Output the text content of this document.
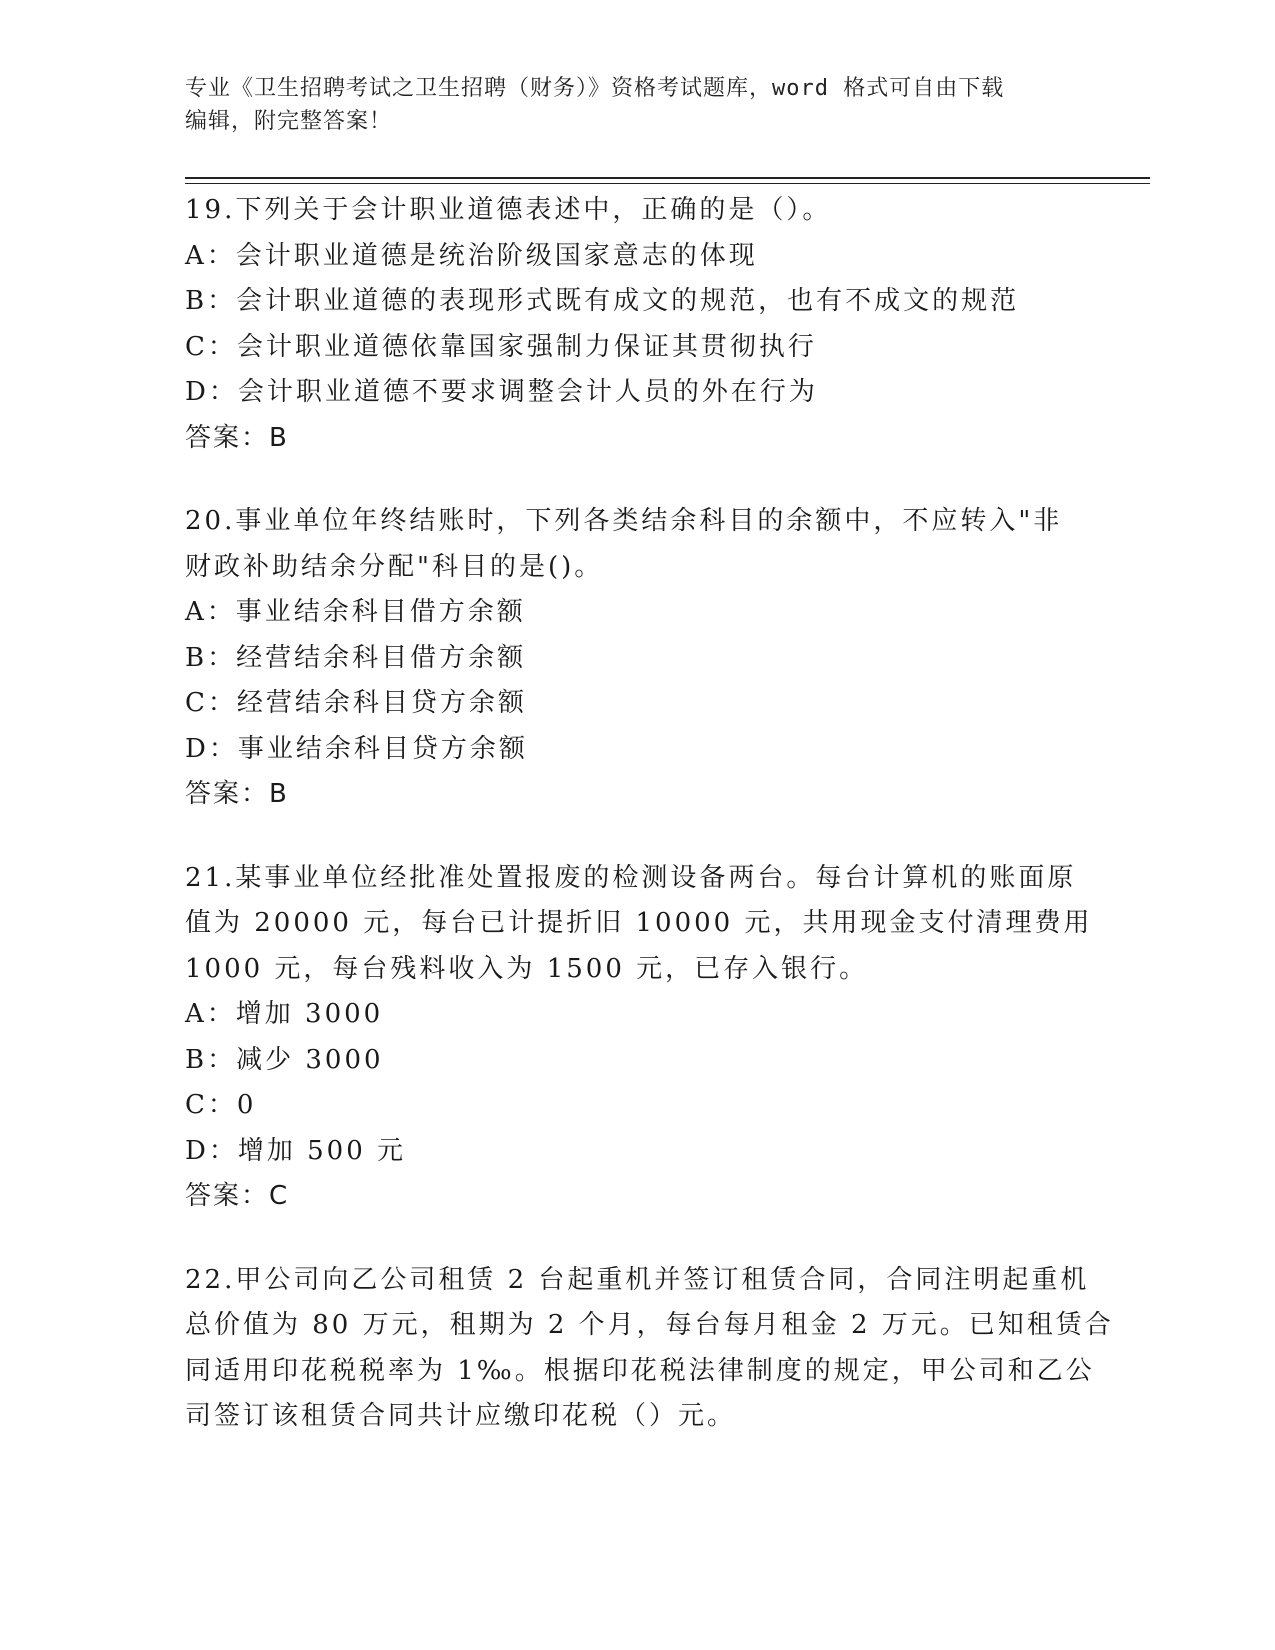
专业《卫生招聘考试之卫生招聘（财务）》资格考试题库，word 格式可自由下载
编辑，附完整答案！
19.下列关于会计职业道德表述中，正确的是（）。
A：会计职业道德是统治阶级国家意志的体现
B：会计职业道德的表现形式既有成文的规范，也有不成文的规范
C：会计职业道德依靠国家强制力保证其贯彻执行
D：会计职业道德不要求调整会计人员的外在行为
答案：B
20.事业单位年终结账时，下列各类结余科目的余额中，不应转入"非
财政补助结余分配"科目的是()。
A：事业结余科目借方余额
B：经营结余科目借方余额
C：经营结余科目贷方余额
D：事业结余科目贷方余额
答案：B
21.某事业单位经批准处置报废的检测设备两台。每台计算机的账面原
值为 20000 元，每台已计提折旧 10000 元，共用现金支付清理费用
1000 元，每台残料收入为 1500 元，已存入银行。
A：增加 3000
B：减少 3000
C：0
D：增加 500 元
答案：C
22.甲公司向乙公司租赁 2 台起重机并签订租赁合同，合同注明起重机
总价值为 80 万元，租期为 2 个月，每台每月租金 2 万元。已知租赁合
同适用印花税税率为 1‰。根据印花税法律制度的规定，甲公司和乙公
司签订该租赁合同共计应缴印花税（）元。
